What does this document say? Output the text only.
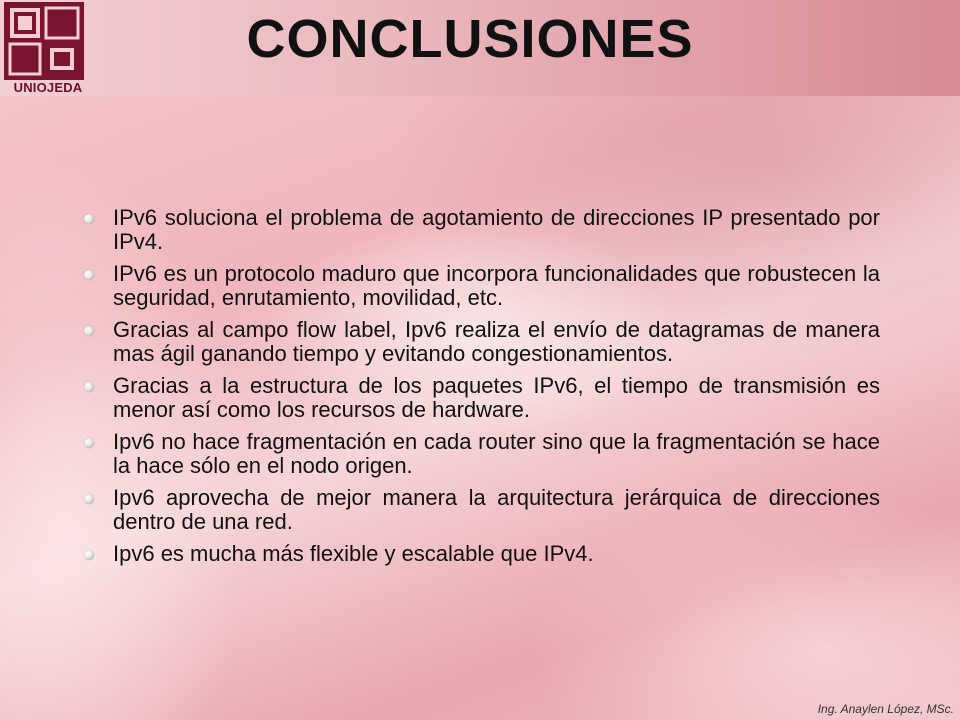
UNIOJEDA
CONCLUSIONES
IPv6 soluciona el problema de agotamiento de direcciones IP presentado por IPv4.
IPv6 es un protocolo maduro que incorpora funcionalidades que robustecen la seguridad, enrutamiento, movilidad, etc.
Gracias al campo flow label, Ipv6 realiza el envío de datagramas de manera mas ágil ganando tiempo y evitando congestionamientos.
Gracias a la estructura de los paquetes IPv6, el tiempo de transmisión es menor así como los recursos de hardware.
Ipv6 no hace fragmentación en cada router sino que la fragmentación se hace la hace sólo en el nodo origen.
Ipv6 aprovecha de mejor manera la arquitectura jerárquica de direcciones dentro de una red.
Ipv6 es mucha más flexible y escalable que IPv4.
Ing. Anaylen López, MSc.
